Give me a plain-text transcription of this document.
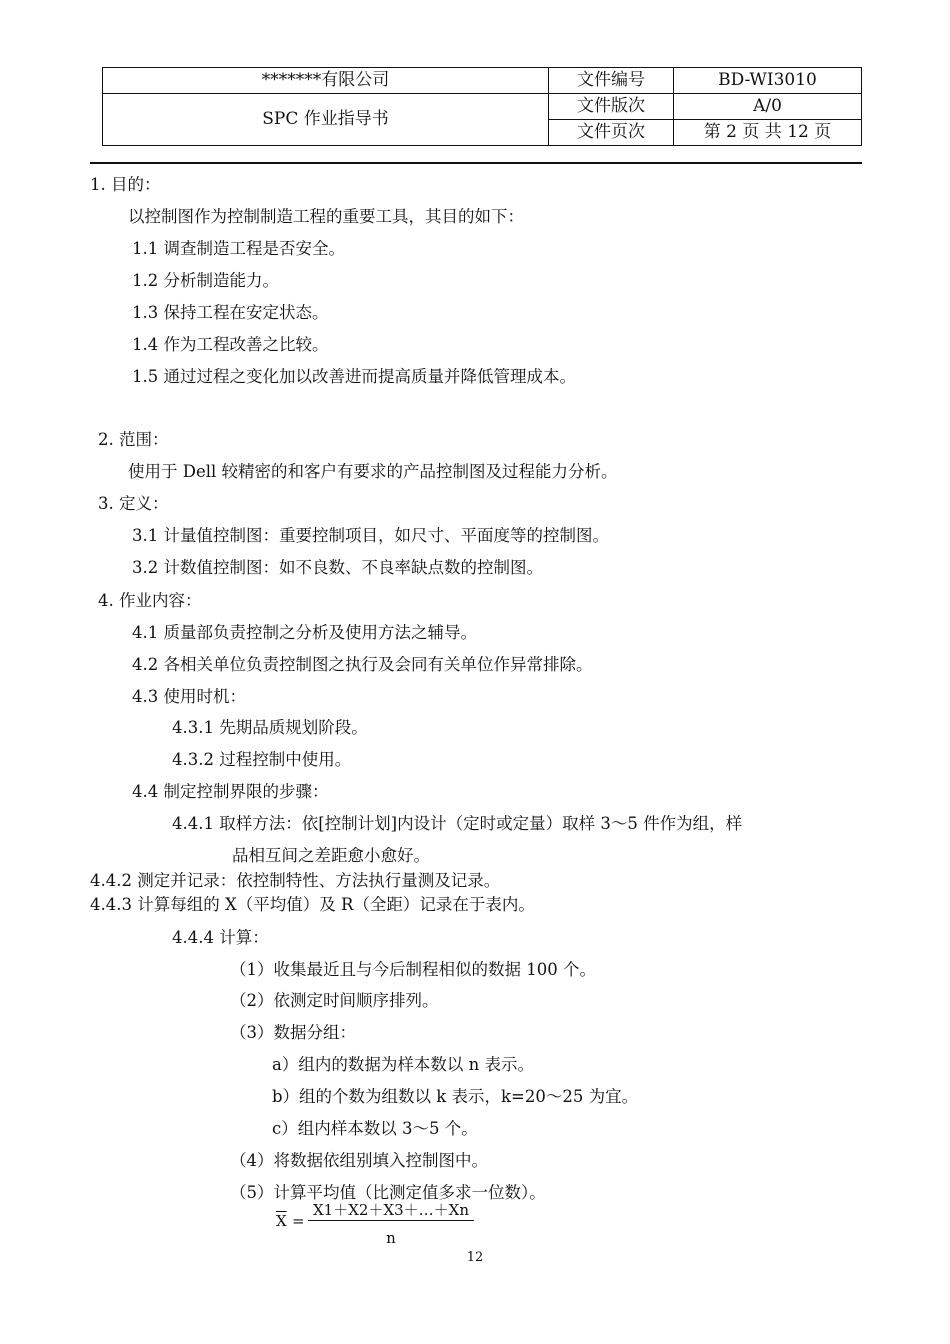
*******有限公司	文件编号	BD-WI3010
SPC 作业指导书	文件版次	A/0
	文件页次	第 2 页 共 12 页
1. 目的：
以控制图作为控制制造工程的重要工具，其目的如下：
1.1 调查制造工程是否安全。
1.2 分析制造能力。
1.3 保持工程在安定状态。
1.4 作为工程改善之比较。
1.5 通过过程之变化加以改善进而提高质量并降低管理成本。
2. 范围：
使用于 Dell 较精密的和客户有要求的产品控制图及过程能力分析。
3. 定义：
3.1 计量值控制图：重要控制项目，如尺寸、平面度等的控制图。
3.2 计数值控制图：如不良数、不良率缺点数的控制图。
4. 作业内容：
4.1 质量部负责控制之分析及使用方法之辅导。
4.2 各相关单位负责控制图之执行及会同有关单位作异常排除。
4.3 使用时机：
4.3.1 先期品质规划阶段。
4.3.2 过程控制中使用。
4.4 制定控制界限的步骤：
4.4.1 取样方法：依[控制计划]内设计（定时或定量）取样 3～5 件作为组，样
品相互间之差距愈小愈好。
4.4.2 测定并记录：依控制特性、方法执行量测及记录。
4.4.3 计算每组的 X（平均值）及 R（全距）记录在于表内。
4.4.4 计算：
（1）收集最近且与今后制程相似的数据 100 个。
（2）依测定时间顺序排列。
（3）数据分组：
a）组内的数据为样本数以 n 表示。
b）组的个数为组数以 k 表示，k=20～25 为宜。
c）组内样本数以 3～5 个。
（4）将数据依组别填入控制图中。
（5）计算平均值（比测定值多求一位数）。
$\overline{X} = \frac{X1+X2+X3+\dots+Xn}{n}$
12
